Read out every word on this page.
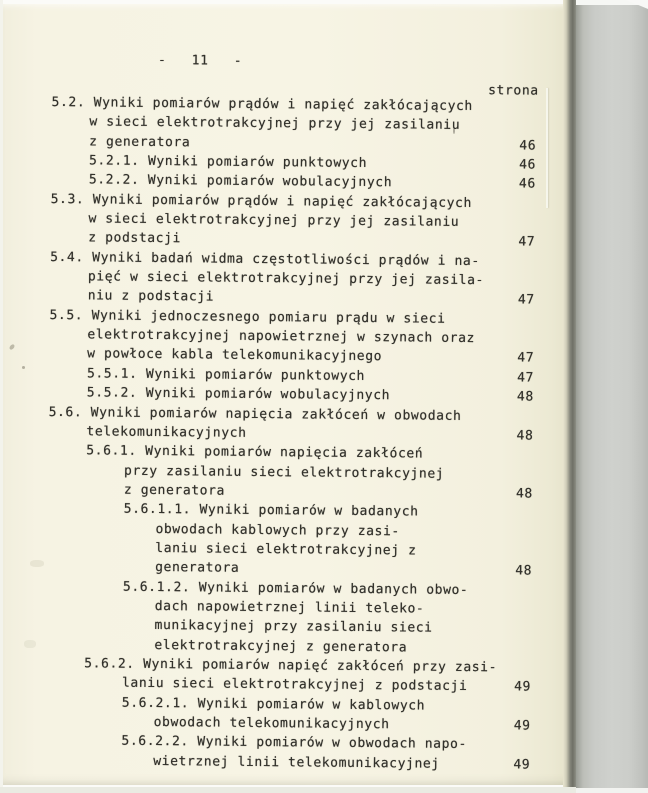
-   11   -
strona
5.2. Wyniki pomiarów prądów i napięć zakłócających
w sieci elektrotrakcyjnej przy jej zasilaniu
z generatora	46
5.2.1. Wyniki pomiarów punktowych	46
5.2.2. Wyniki pomiarów wobulacyjnych	46
5.3. Wyniki pomiarów prądów i napięć zakłócających
w sieci elektrotrakcyjnej przy jej zasilaniu
z podstacji	47
5.4. Wyniki badań widma częstotliwości prądów i na-
pięć w sieci elektrotrakcyjnej przy jej zasila-
niu z podstacji	47
5.5. Wyniki jednoczesnego pomiaru prądu w sieci
elektrotrakcyjnej napowietrznej w szynach oraz
w powłoce kabla telekomunikacyjnego	47
5.5.1. Wyniki pomiarów punktowych	47
5.5.2. Wyniki pomiarów wobulacyjnych	48
5.6. Wyniki pomiarów napięcia zakłóceń w obwodach
telekomunikacyjnych	48
5.6.1. Wyniki pomiarów napięcia zakłóceń
przy zasilaniu sieci elektrotrakcyjnej
z generatora	48
5.6.1.1. Wyniki pomiarów w badanych
obwodach kablowych przy zasi-
laniu sieci elektrotrakcyjnej z
generatora	48
5.6.1.2. Wyniki pomiarów w badanych obwo-
dach napowietrznej linii teleko-
munikacyjnej przy zasilaniu sieci
elektrotrakcyjnej z generatora
5.6.2. Wyniki pomiarów napięć zakłóceń przy zasi-
laniu sieci elektrotrakcyjnej z podstacji	49
5.6.2.1. Wyniki pomiarów w kablowych
obwodach telekomunikacyjnych	49
5.6.2.2. Wyniki pomiarów w obwodach napo-
wietrznej linii telekomunikacyjnej	49
